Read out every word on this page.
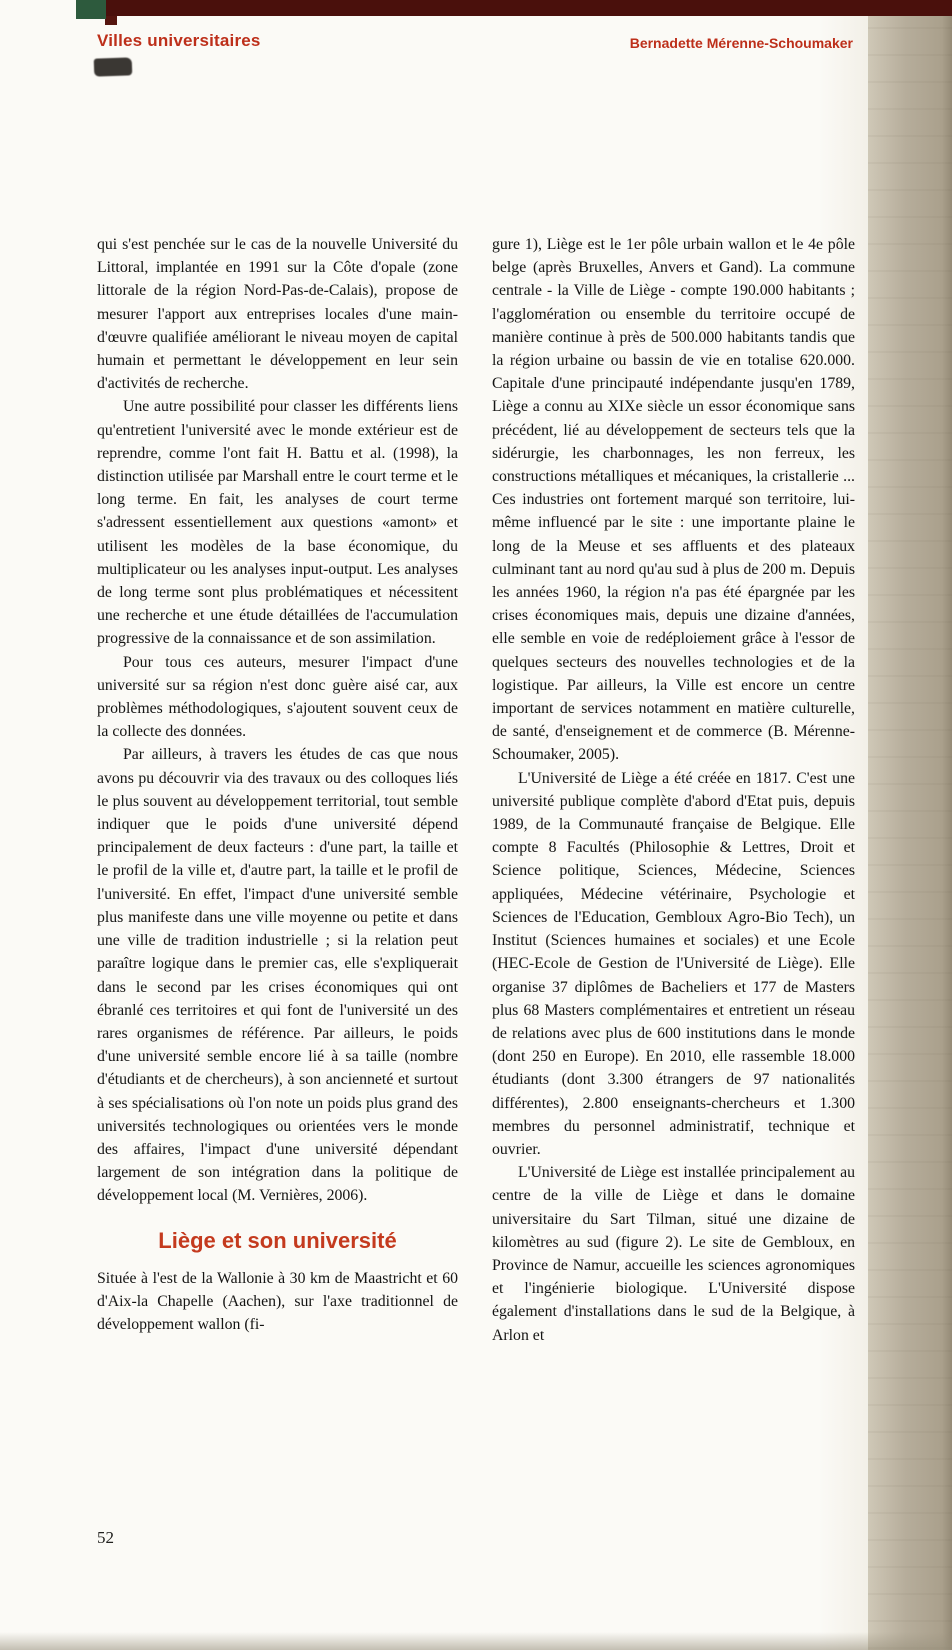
Villes universitaires	Bernadette Mérenne-Schoumaker

qui s'est penchée sur le cas de la nouvelle Université du Littoral, implantée en 1991 sur la Côte d'opale (zone littorale de la région Nord-Pas-de-Calais), propose de mesurer l'apport aux entreprises locales d'une main-d'œuvre qualifiée améliorant le niveau moyen de capital humain et permettant le développement en leur sein d'activités de recherche.

Une autre possibilité pour classer les différents liens qu'entretient l'université avec le monde extérieur est de reprendre, comme l'ont fait H. Battu et al. (1998), la distinction utilisée par Marshall entre le court terme et le long terme. En fait, les analyses de court terme s'adressent essentiellement aux questions «amont» et utilisent les modèles de la base économique, du multiplicateur ou les analyses input-output. Les analyses de long terme sont plus problématiques et nécessitent une recherche et une étude détaillées de l'accumulation progressive de la connaissance et de son assimilation.

Pour tous ces auteurs, mesurer l'impact d'une université sur sa région n'est donc guère aisé car, aux problèmes méthodologiques, s'ajoutent souvent ceux de la collecte des données.

Par ailleurs, à travers les études de cas que nous avons pu découvrir via des travaux ou des colloques liés le plus souvent au développement territorial, tout semble indiquer que le poids d'une université dépend principalement de deux facteurs : d'une part, la taille et le profil de la ville et, d'autre part, la taille et le profil de l'université. En effet, l'impact d'une université semble plus manifeste dans une ville moyenne ou petite et dans une ville de tradition industrielle ; si la relation peut paraître logique dans le premier cas, elle s'expliquerait dans le second par les crises économiques qui ont ébranlé ces territoires et qui font de l'université un des rares organismes de référence. Par ailleurs, le poids d'une université semble encore lié à sa taille (nombre d'étudiants et de chercheurs), à son ancienneté et surtout à ses spécialisations où l'on note un poids plus grand des universités technologiques ou orientées vers le monde des affaires, l'impact d'une université dépendant largement de son intégration dans la politique de développement local (M. Vernières, 2006).

Liège et son université

Située à l'est de la Wallonie à 30 km de Maastricht et 60 d'Aix-la Chapelle (Aachen), sur l'axe traditionnel de développement wallon (fi-

gure 1), Liège est le 1er pôle urbain wallon et le 4e pôle belge (après Bruxelles, Anvers et Gand). La commune centrale - la Ville de Liège - compte 190.000 habitants ; l'agglomération ou ensemble du territoire occupé de manière continue à près de 500.000 habitants tandis que la région urbaine ou bassin de vie en totalise 620.000. Capitale d'une principauté indépendante jusqu'en 1789, Liège a connu au XIXe siècle un essor économique sans précédent, lié au développement de secteurs tels que la sidérurgie, les charbonnages, les non ferreux, les constructions métalliques et mécaniques, la cristallerie ... Ces industries ont fortement marqué son territoire, lui-même influencé par le site : une importante plaine le long de la Meuse et ses affluents et des plateaux culminant tant au nord qu'au sud à plus de 200 m. Depuis les années 1960, la région n'a pas été épargnée par les crises économiques mais, depuis une dizaine d'années, elle semble en voie de redéploiement grâce à l'essor de quelques secteurs des nouvelles technologies et de la logistique. Par ailleurs, la Ville est encore un centre important de services notamment en matière culturelle, de santé, d'enseignement et de commerce (B. Mérenne-Schoumaker, 2005).

L'Université de Liège a été créée en 1817. C'est une université publique complète d'abord d'Etat puis, depuis 1989, de la Communauté française de Belgique. Elle compte 8 Facultés (Philosophie & Lettres, Droit et Science politique, Sciences, Médecine, Sciences appliquées, Médecine vétérinaire, Psychologie et Sciences de l'Education, Gembloux Agro-Bio Tech), un Institut (Sciences humaines et sociales) et une Ecole (HEC-Ecole de Gestion de l'Université de Liège). Elle organise 37 diplômes de Bacheliers et 177 de Masters plus 68 Masters complémentaires et entretient un réseau de relations avec plus de 600 institutions dans le monde (dont 250 en Europe). En 2010, elle rassemble 18.000 étudiants (dont 3.300 étrangers de 97 nationalités différentes), 2.800 enseignants-chercheurs et 1.300 membres du personnel administratif, technique et ouvrier.

L'Université de Liège est installée principalement au centre de la ville de Liège et dans le domaine universitaire du Sart Tilman, situé une dizaine de kilomètres au sud (figure 2). Le site de Gembloux, en Province de Namur, accueille les sciences agronomiques et l'ingénierie biologique. L'Université dispose également d'installations dans le sud de la Belgique, à Arlon et

52
